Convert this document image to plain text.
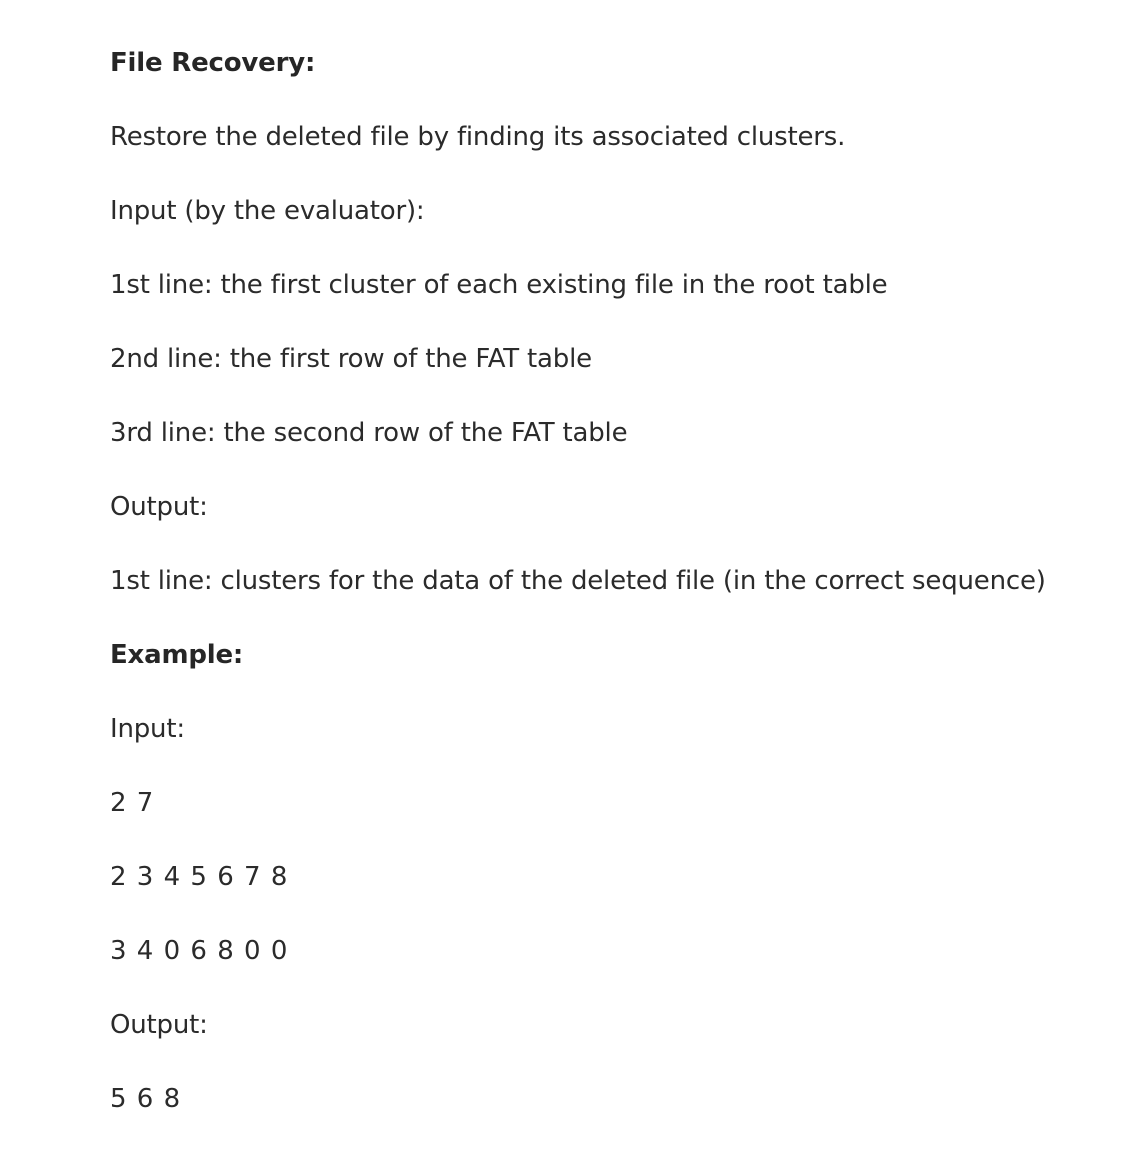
File Recovery:
Restore the deleted file by finding its associated clusters.
Input (by the evaluator):
1st line: the first cluster of each existing file in the root table
2nd line: the first row of the FAT table
3rd line: the second row of the FAT table
Output:
1st line: clusters for the data of the deleted file (in the correct sequence)
Example:
Input:
2 7
2 3 4 5 6 7 8
3 4 0 6 8 0 0
Output:
5 6 8
